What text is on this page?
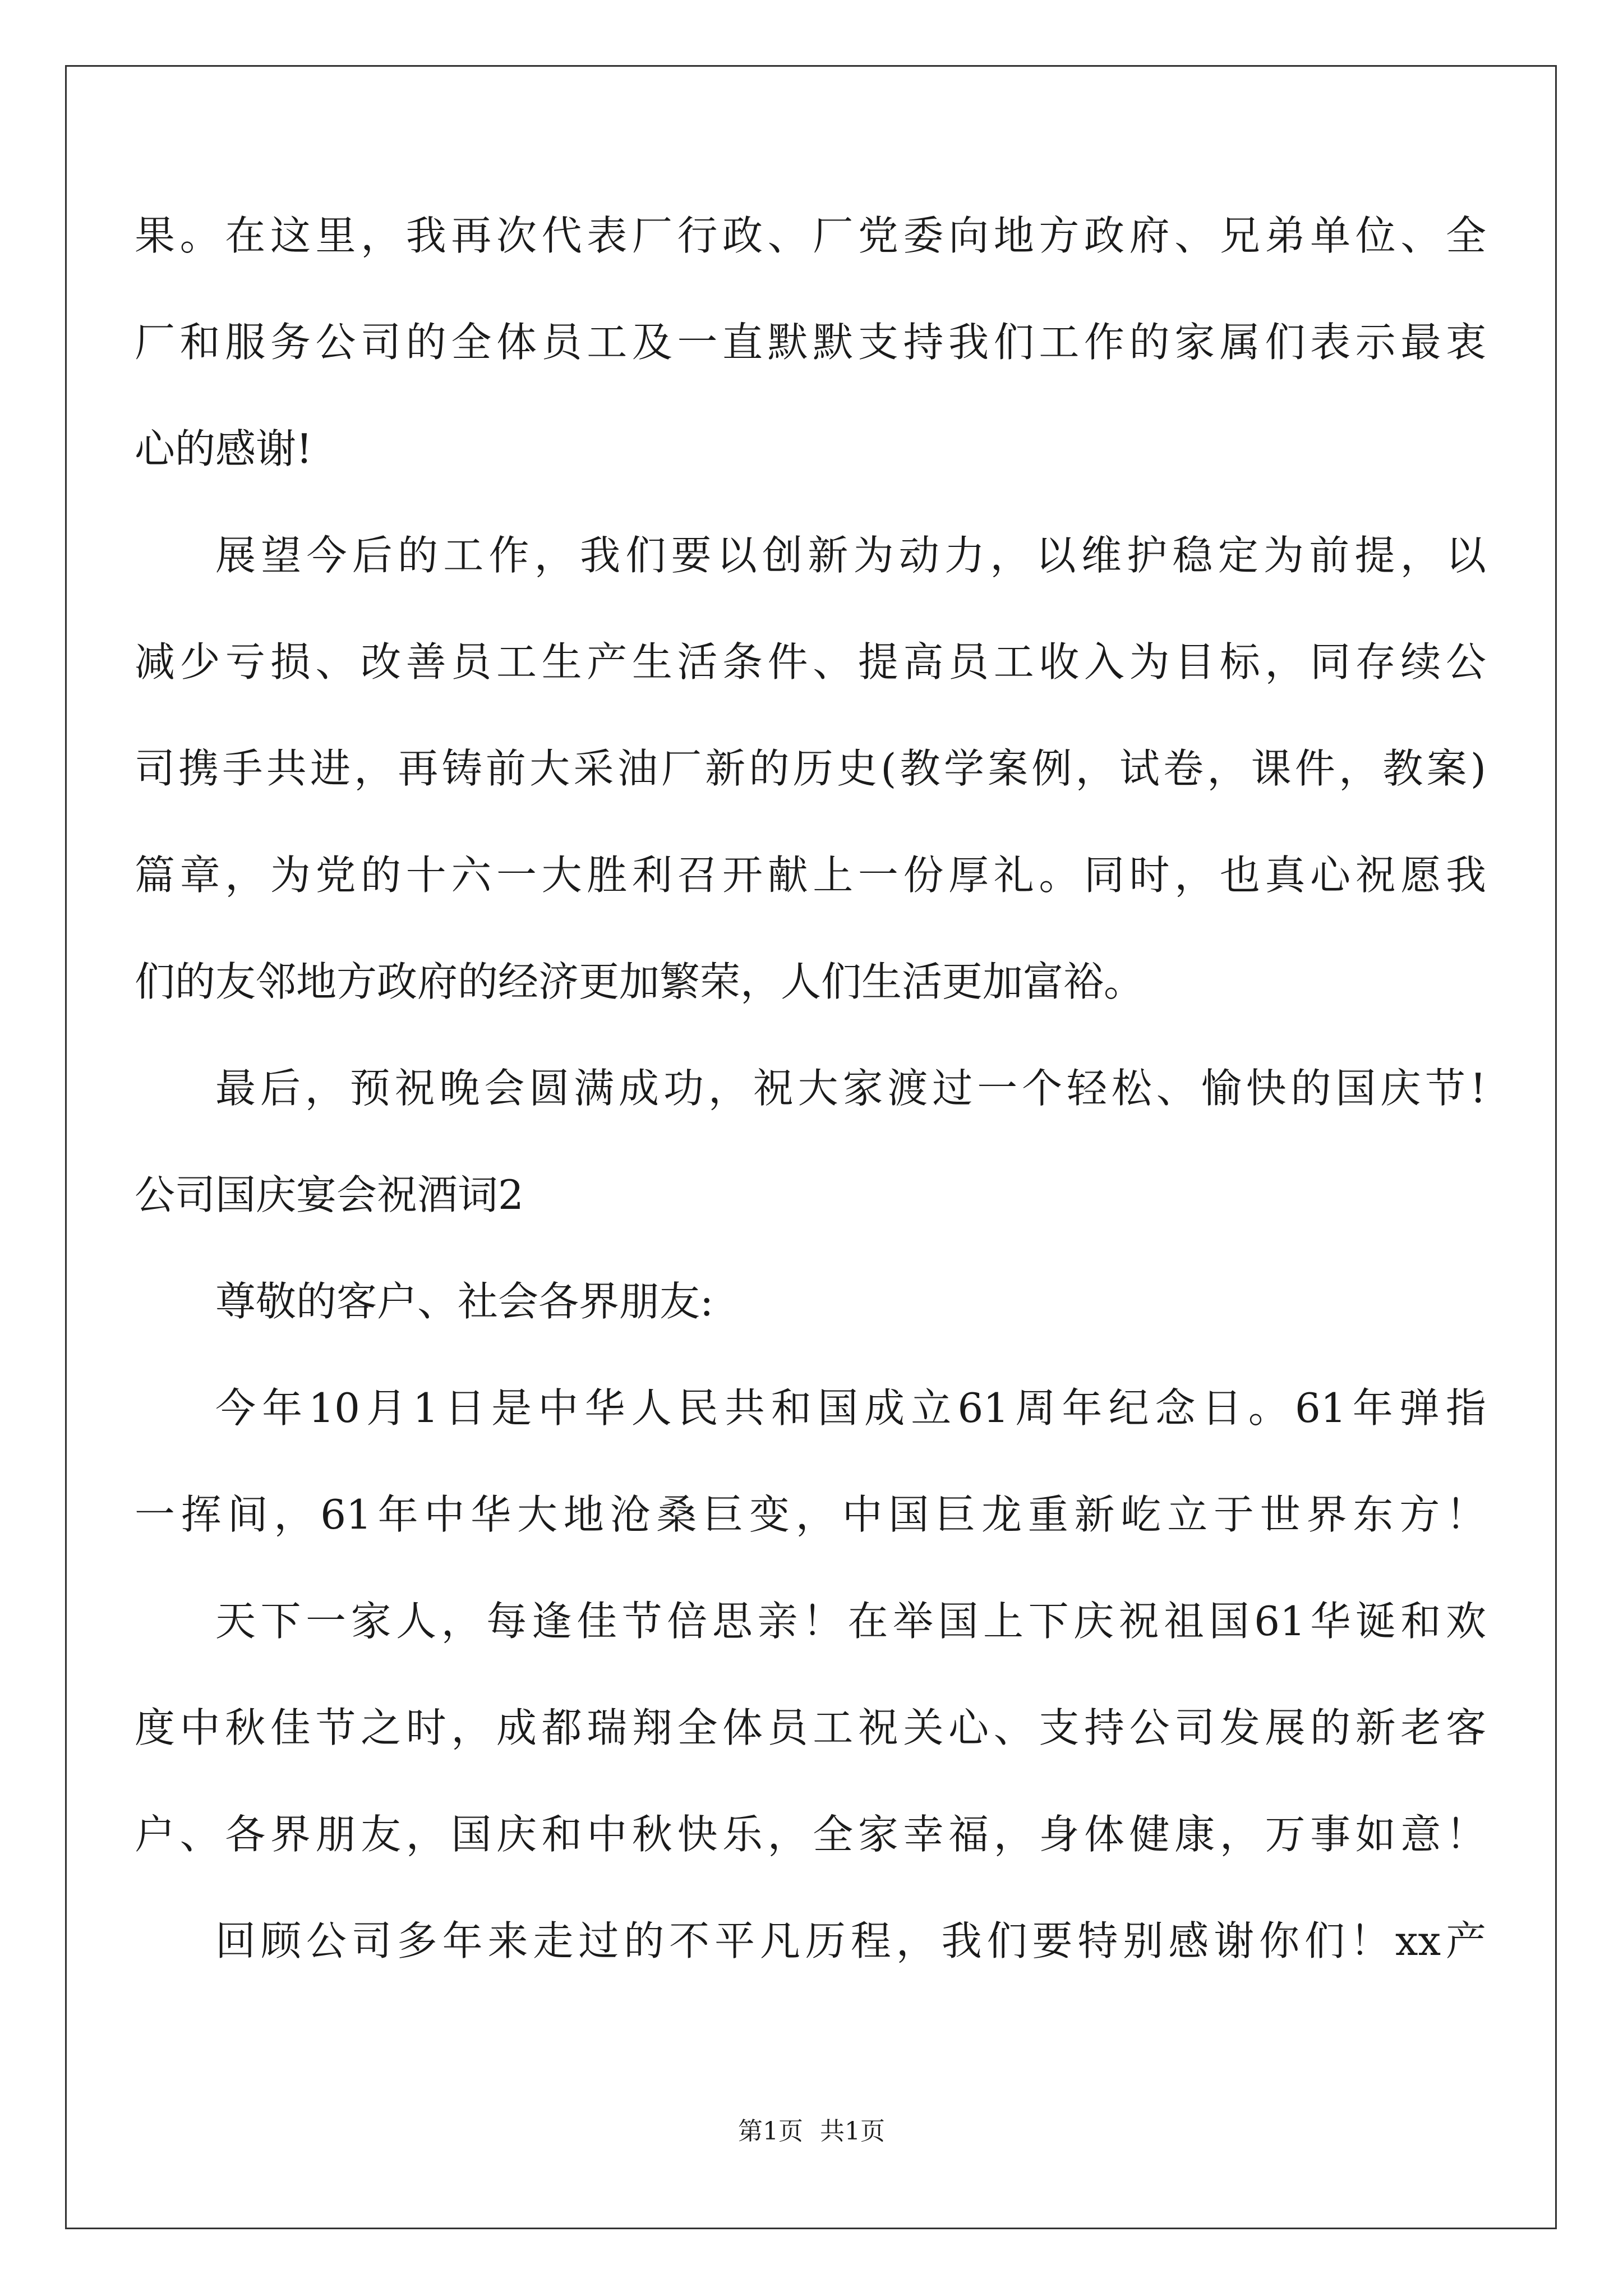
果。在这里，我再次代表厂行政、厂党委向地方政府、兄弟单位、全
厂和服务公司的全体员工及一直默默支持我们工作的家属们表示最衷
心的感谢!
展望今后的工作，我们要以创新为动力，以维护稳定为前提，以
减少亏损、改善员工生产生活条件、提高员工收入为目标，同存续公
司携手共进，再铸前大采油厂新的历史(教学案例，试卷，课件，教案)
篇章，为党的十六一大胜利召开献上一份厚礼。同时，也真心祝愿我
们的友邻地方政府的经济更加繁荣，人们生活更加富裕。
最后，预祝晚会圆满成功，祝大家渡过一个轻松、愉快的国庆节!
公司国庆宴会祝酒词2
尊敬的客户、社会各界朋友:
今年10月1日是中华人民共和国成立61周年纪念日。61年弹指
一挥间，61年中华大地沧桑巨变，中国巨龙重新屹立于世界东方！
天下一家人，每逢佳节倍思亲！在举国上下庆祝祖国61华诞和欢
度中秋佳节之时，成都瑞翔全体员工祝关心、支持公司发展的新老客
户、各界朋友，国庆和中秋快乐，全家幸福，身体健康，万事如意！
回顾公司多年来走过的不平凡历程，我们要特别感谢你们！xx产
第1页 共1页
